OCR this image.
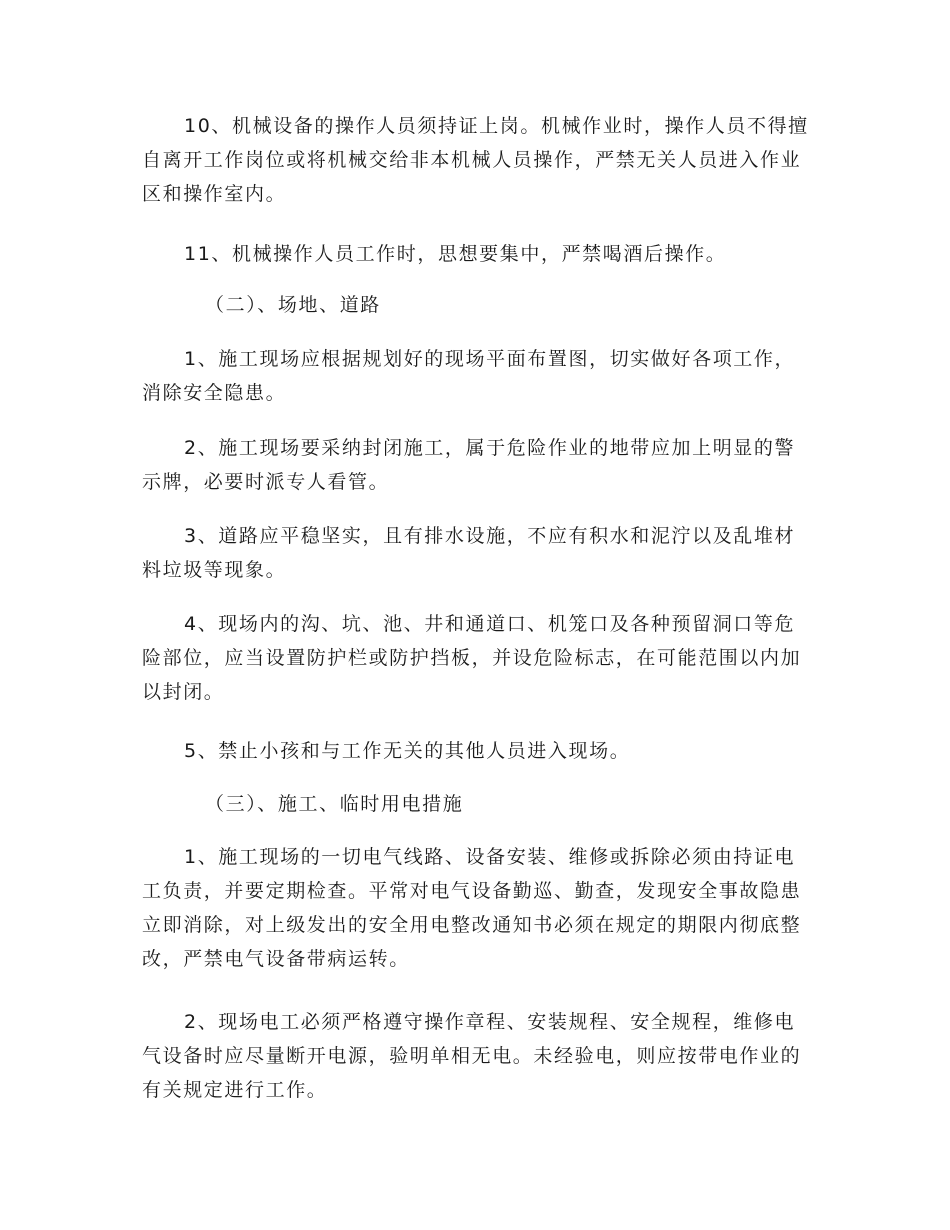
10、机械设备的操作人员须持证上岗。机械作业时，操作人员不得擅自离开工作岗位或将机械交给非本机械人员操作，严禁无关人员进入作业区和操作室内。

11、机械操作人员工作时，思想要集中，严禁喝酒后操作。

（二）、场地、道路

1、施工现场应根据规划好的现场平面布置图，切实做好各项工作，消除安全隐患。

2、施工现场要采纳封闭施工，属于危险作业的地带应加上明显的警示牌，必要时派专人看管。

3、道路应平稳坚实，且有排水设施，不应有积水和泥泞以及乱堆材料垃圾等现象。

4、现场内的沟、坑、池、井和通道口、机笼口及各种预留洞口等危险部位，应当设置防护栏或防护挡板，并设危险标志，在可能范围以内加以封闭。

5、禁止小孩和与工作无关的其他人员进入现场。

（三）、施工、临时用电措施

1、施工现场的一切电气线路、设备安装、维修或拆除必须由持证电工负责，并要定期检查。平常对电气设备勤巡、勤查，发现安全事故隐患立即消除，对上级发出的安全用电整改通知书必须在规定的期限内彻底整改，严禁电气设备带病运转。

2、现场电工必须严格遵守操作章程、安装规程、安全规程，维修电气设备时应尽量断开电源，验明单相无电。未经验电，则应按带电作业的有关规定进行工作。
